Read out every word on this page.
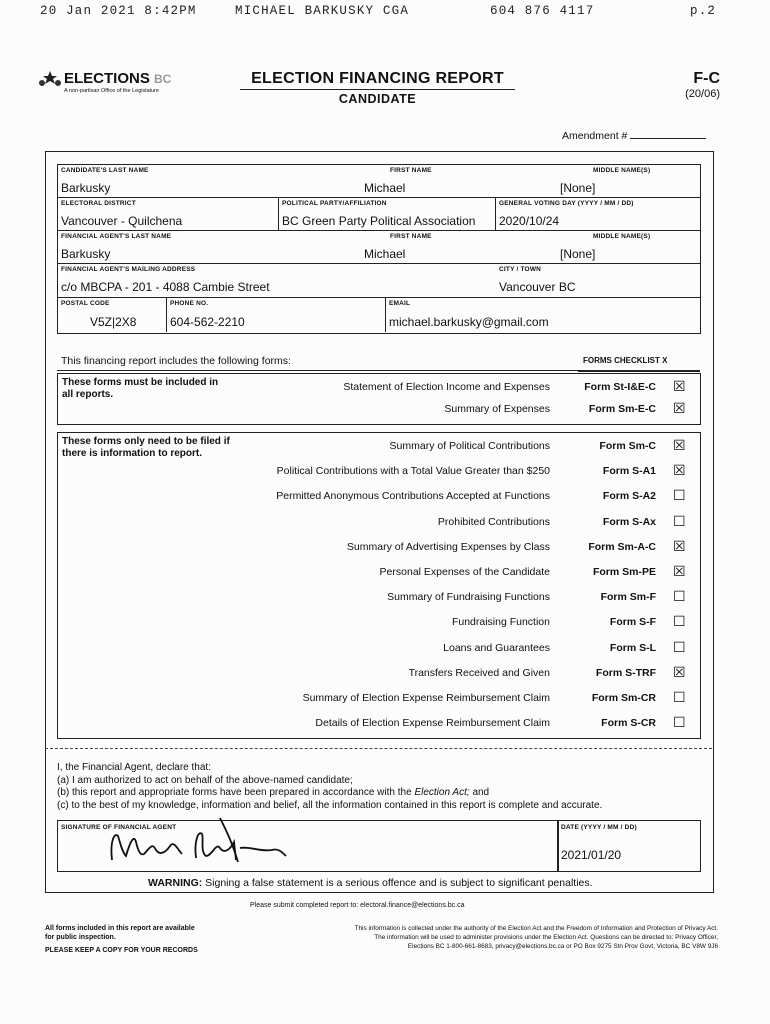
20 Jan 2021 8:42PM	MICHAEL BARKUSKY CGA	604 876 4117	p.2
ELECTIONS BC
A non-partisan Office of the Legislature
ELECTION FINANCING REPORT
CANDIDATE
F-C
(20/06)
Amendment #
CANDIDATE'S LAST NAME
Barkusky
FIRST NAME
Michael
MIDDLE NAME(S)
[None]
ELECTORAL DISTRICT
Vancouver - Quilchena
POLITICAL PARTY/AFFILIATION
BC Green Party Political Association
GENERAL VOTING DAY (YYYY / MM / DD)
2020/10/24
FINANCIAL AGENT'S LAST NAME
Barkusky
FIRST NAME
Michael
MIDDLE NAME(S)
[None]
FINANCIAL AGENT'S MAILING ADDRESS
c/o MBCPA - 201 - 4088 Cambie Street
CITY / TOWN
Vancouver BC
POSTAL CODE
V5Z|2X8
PHONE NO.
604-562-2210
EMAIL
michael.barkusky@gmail.com
This financing report includes the following forms:	FORMS CHECKLIST X
These forms must be included in all reports.
Statement of Election Income and Expenses	Form St-I&E-C ☒
Summary of Expenses	Form Sm-E-C ☒
These forms only need to be filed if there is information to report.
Summary of Political Contributions	Form Sm-C ☒
Political Contributions with a Total Value Greater than $250	Form S-A1 ☒
Permitted Anonymous Contributions Accepted at Functions	Form S-A2 ☐
Prohibited Contributions	Form S-Ax ☐
Summary of Advertising Expenses by Class	Form Sm-A-C ☒
Personal Expenses of the Candidate	Form Sm-PE ☒
Summary of Fundraising Functions	Form Sm-F ☐
Fundraising Function	Form S-F ☐
Loans and Guarantees	Form S-L ☐
Transfers Received and Given	Form S-TRF ☒
Summary of Election Expense Reimbursement Claim	Form Sm-CR ☐
Details of Election Expense Reimbursement Claim	Form S-CR ☐
I, the Financial Agent, declare that:
(a) I am authorized to act on behalf of the above-named candidate;
(b) this report and appropriate forms have been prepared in accordance with the Election Act; and
(c) to the best of my knowledge, information and belief, all the information contained in this report is complete and accurate.
SIGNATURE OF FINANCIAL AGENT	DATE (YYYY / MM / DD)
2021/01/20
WARNING: Signing a false statement is a serious offence and is subject to significant penalties.
Please submit completed report to: electoral.finance@elections.bc.ca
All forms included in this report are available
for public inspection.
PLEASE KEEP A COPY FOR YOUR RECORDS
This information is collected under the authority of the Election Act and the Freedom of Information and Protection of Privacy Act.
The information will be used to administer provisions under the Election Act. Questions can be directed to: Privacy Officer,
Elections BC 1-800-661-8683, privacy@elections.bc.ca or PO Box 9275 Stn Prov Govt, Victoria, BC V8W 9J6
